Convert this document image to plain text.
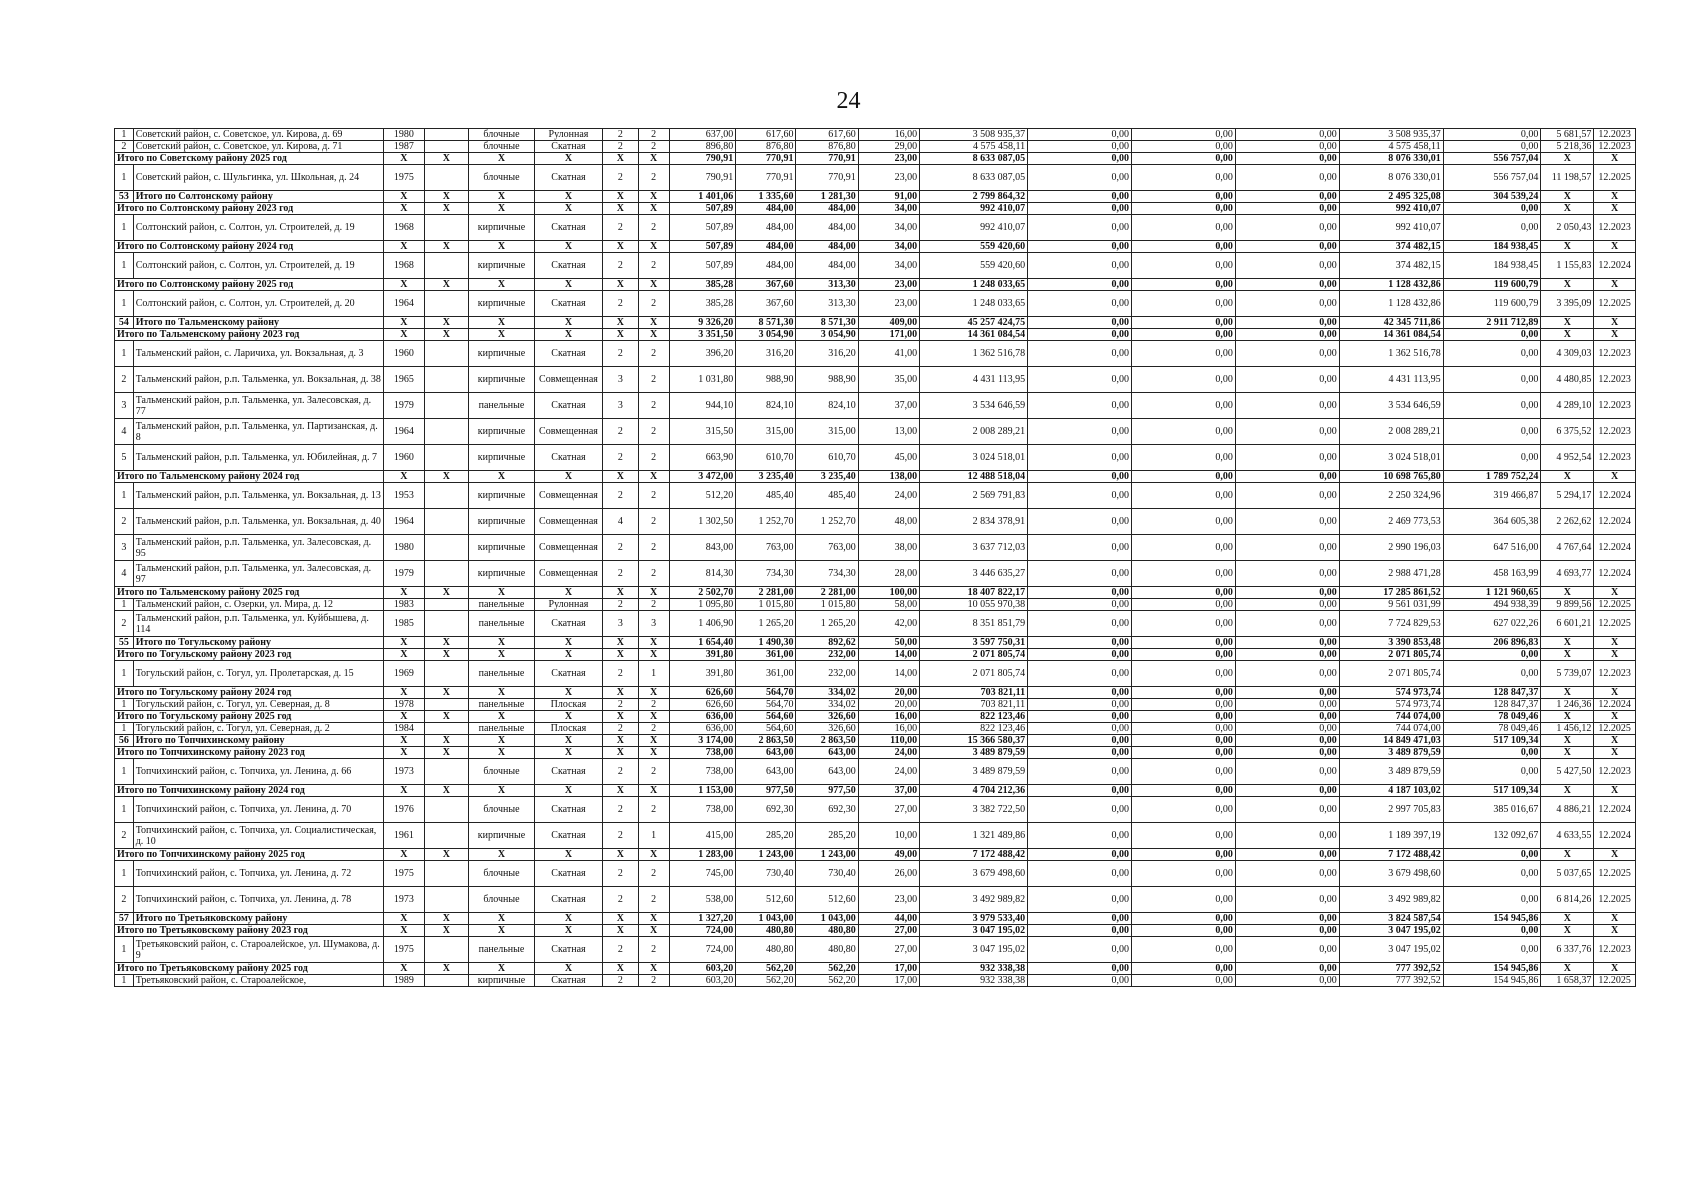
24
1	Советский район, с. Советское, ул. Кирова, д. 69	1980		блочные	Рулонная	2	2	637,00	617,60	617,60	16,00	3 508 935,37	0,00	0,00	0,00	3 508 935,37	0,00	5 681,57	12.2023
2	Советский район, с. Советское, ул. Кирова, д. 71	1987		блочные	Скатная	2	2	896,80	876,80	876,80	29,00	4 575 458,11	0,00	0,00	0,00	4 575 458,11	0,00	5 218,36	12.2023
Итого по Советскому району 2025 год		X	X	X	X	X	X	790,91	770,91	770,91	23,00	8 633 087,05	0,00	0,00	0,00	8 076 330,01	556 757,04	X	X
1	Советский район, с. Шульгинка, ул. Школьная, д. 24	1975		блочные	Скатная	2	2	790,91	770,91	770,91	23,00	8 633 087,05	0,00	0,00	0,00	8 076 330,01	556 757,04	11 198,57	12.2025
53	Итого по Солтонскому району	X	X	X	X	X	X	1 401,06	1 335,60	1 281,30	91,00	2 799 864,32	0,00	0,00	0,00	2 495 325,08	304 539,24	X	X
Итого по Солтонскому району 2023 год		X	X	X	X	X	X	507,89	484,00	484,00	34,00	992 410,07	0,00	0,00	0,00	992 410,07	0,00	X	X
1	Солтонский район, с. Солтон, ул. Строителей, д. 19	1968		кирпичные	Скатная	2	2	507,89	484,00	484,00	34,00	992 410,07	0,00	0,00	0,00	992 410,07	0,00	2 050,43	12.2023
Итого по Солтонскому району 2024 год		X	X	X	X	X	X	507,89	484,00	484,00	34,00	559 420,60	0,00	0,00	0,00	374 482,15	184 938,45	X	X
1	Солтонский район, с. Солтон, ул. Строителей, д. 19	1968		кирпичные	Скатная	2	2	507,89	484,00	484,00	34,00	559 420,60	0,00	0,00	0,00	374 482,15	184 938,45	1 155,83	12.2024
Итого по Солтонскому району 2025 год		X	X	X	X	X	X	385,28	367,60	313,30	23,00	1 248 033,65	0,00	0,00	0,00	1 128 432,86	119 600,79	X	X
1	Солтонский район, с. Солтон, ул. Строителей, д. 20	1964		кирпичные	Скатная	2	2	385,28	367,60	313,30	23,00	1 248 033,65	0,00	0,00	0,00	1 128 432,86	119 600,79	3 395,09	12.2025
54	Итого по Тальменскому району	X	X	X	X	X	X	9 326,20	8 571,30	8 571,30	409,00	45 257 424,75	0,00	0,00	0,00	42 345 711,86	2 911 712,89	X	X
Итого по Тальменскому району 2023 год		X	X	X	X	X	X	3 351,50	3 054,90	3 054,90	171,00	14 361 084,54	0,00	0,00	0,00	14 361 084,54	0,00	X	X
1	Тальменский район, с. Ларичиха, ул. Вокзальная, д. 3	1960		кирпичные	Скатная	2	2	396,20	316,20	316,20	41,00	1 362 516,78	0,00	0,00	0,00	1 362 516,78	0,00	4 309,03	12.2023
2	Тальменский район, р.п. Тальменка, ул. Вокзальная, д. 38	1965		кирпичные	Совмещенная	3	2	1 031,80	988,90	988,90	35,00	4 431 113,95	0,00	0,00	0,00	4 431 113,95	0,00	4 480,85	12.2023
3	Тальменский район, р.п. Тальменка, ул. Залесовская, д. 77	1979		панельные	Скатная	3	2	944,10	824,10	824,10	37,00	3 534 646,59	0,00	0,00	0,00	3 534 646,59	0,00	4 289,10	12.2023
4	Тальменский район, р.п. Тальменка, ул. Партизанская, д. 8	1964		кирпичные	Совмещенная	2	2	315,50	315,00	315,00	13,00	2 008 289,21	0,00	0,00	0,00	2 008 289,21	0,00	6 375,52	12.2023
5	Тальменский район, р.п. Тальменка, ул. Юбилейная, д. 7	1960		кирпичные	Скатная	2	2	663,90	610,70	610,70	45,00	3 024 518,01	0,00	0,00	0,00	3 024 518,01	0,00	4 952,54	12.2023
Итого по Тальменскому району 2024 год		X	X	X	X	X	X	3 472,00	3 235,40	3 235,40	138,00	12 488 518,04	0,00	0,00	0,00	10 698 765,80	1 789 752,24	X	X
1	Тальменский район, р.п. Тальменка, ул. Вокзальная, д. 13	1953		кирпичные	Совмещенная	2	2	512,20	485,40	485,40	24,00	2 569 791,83	0,00	0,00	0,00	2 250 324,96	319 466,87	5 294,17	12.2024
2	Тальменский район, р.п. Тальменка, ул. Вокзальная, д. 40	1964		кирпичные	Совмещенная	4	2	1 302,50	1 252,70	1 252,70	48,00	2 834 378,91	0,00	0,00	0,00	2 469 773,53	364 605,38	2 262,62	12.2024
3	Тальменский район, р.п. Тальменка, ул. Залесовская, д. 95	1980		кирпичные	Совмещенная	2	2	843,00	763,00	763,00	38,00	3 637 712,03	0,00	0,00	0,00	2 990 196,03	647 516,00	4 767,64	12.2024
4	Тальменский район, р.п. Тальменка, ул. Залесовская, д. 97	1979		кирпичные	Совмещенная	2	2	814,30	734,30	734,30	28,00	3 446 635,27	0,00	0,00	0,00	2 988 471,28	458 163,99	4 693,77	12.2024
Итого по Тальменскому району 2025 год		X	X	X	X	X	X	2 502,70	2 281,00	2 281,00	100,00	18 407 822,17	0,00	0,00	0,00	17 285 861,52	1 121 960,65	X	X
1	Тальменский район, с. Озерки, ул. Мира, д. 12	1983		панельные	Рулонная	2	2	1 095,80	1 015,80	1 015,80	58,00	10 055 970,38	0,00	0,00	0,00	9 561 031,99	494 938,39	9 899,56	12.2025
2	Тальменский район, р.п. Тальменка, ул. Куйбышева, д. 114	1985		панельные	Скатная	3	3	1 406,90	1 265,20	1 265,20	42,00	8 351 851,79	0,00	0,00	0,00	7 724 829,53	627 022,26	6 601,21	12.2025
55	Итого по Тогульскому району	X	X	X	X	X	X	1 654,40	1 490,30	892,62	50,00	3 597 750,31	0,00	0,00	0,00	3 390 853,48	206 896,83	X	X
Итого по Тогульскому району 2023 год		X	X	X	X	X	X	391,80	361,00	232,00	14,00	2 071 805,74	0,00	0,00	0,00	2 071 805,74	0,00	X	X
1	Тогульский район, с. Тогул, ул. Пролетарская, д. 15	1969		панельные	Скатная	2	1	391,80	361,00	232,00	14,00	2 071 805,74	0,00	0,00	0,00	2 071 805,74	0,00	5 739,07	12.2023
Итого по Тогульскому району 2024 год		X	X	X	X	X	X	626,60	564,70	334,02	20,00	703 821,11	0,00	0,00	0,00	574 973,74	128 847,37	X	X
1	Тогульский район, с. Тогул, ул. Северная, д. 8	1978		панельные	Плоская	2	2	626,60	564,70	334,02	20,00	703 821,11	0,00	0,00	0,00	574 973,74	128 847,37	1 246,36	12.2024
Итого по Тогульскому району 2025 год		X	X	X	X	X	X	636,00	564,60	326,60	16,00	822 123,46	0,00	0,00	0,00	744 074,00	78 049,46	X	X
1	Тогульский район, с. Тогул, ул. Северная, д. 2	1984		панельные	Плоская	2	2	636,00	564,60	326,60	16,00	822 123,46	0,00	0,00	0,00	744 074,00	78 049,46	1 456,12	12.2025
56	Итого по Топчихинскому району	X	X	X	X	X	X	3 174,00	2 863,50	2 863,50	110,00	15 366 580,37	0,00	0,00	0,00	14 849 471,03	517 109,34	X	X
Итого по Топчихинскому району 2023 год		X	X	X	X	X	X	738,00	643,00	643,00	24,00	3 489 879,59	0,00	0,00	0,00	3 489 879,59	0,00	X	X
1	Топчихинский район, с. Топчиха, ул. Ленина, д. 66	1973		блочные	Скатная	2	2	738,00	643,00	643,00	24,00	3 489 879,59	0,00	0,00	0,00	3 489 879,59	0,00	5 427,50	12.2023
Итого по Топчихинскому району 2024 год		X	X	X	X	X	X	1 153,00	977,50	977,50	37,00	4 704 212,36	0,00	0,00	0,00	4 187 103,02	517 109,34	X	X
1	Топчихинский район, с. Топчиха, ул. Ленина, д. 70	1976		блочные	Скатная	2	2	738,00	692,30	692,30	27,00	3 382 722,50	0,00	0,00	0,00	2 997 705,83	385 016,67	4 886,21	12.2024
2	Топчихинский район, с. Топчиха, ул. Социалистическая, д. 10	1961		кирпичные	Скатная	2	1	415,00	285,20	285,20	10,00	1 321 489,86	0,00	0,00	0,00	1 189 397,19	132 092,67	4 633,55	12.2024
Итого по Топчихинскому району 2025 год		X	X	X	X	X	X	1 283,00	1 243,00	1 243,00	49,00	7 172 488,42	0,00	0,00	0,00	7 172 488,42	0,00	X	X
1	Топчихинский район, с. Топчиха, ул. Ленина, д. 72	1975		блочные	Скатная	2	2	745,00	730,40	730,40	26,00	3 679 498,60	0,00	0,00	0,00	3 679 498,60	0,00	5 037,65	12.2025
2	Топчихинский район, с. Топчиха, ул. Ленина, д. 78	1973		блочные	Скатная	2	2	538,00	512,60	512,60	23,00	3 492 989,82	0,00	0,00	0,00	3 492 989,82	0,00	6 814,26	12.2025
57	Итого по Третьяковскому району	X	X	X	X	X	X	1 327,20	1 043,00	1 043,00	44,00	3 979 533,40	0,00	0,00	0,00	3 824 587,54	154 945,86	X	X
Итого по Третьяковскому району 2023 год		X	X	X	X	X	X	724,00	480,80	480,80	27,00	3 047 195,02	0,00	0,00	0,00	3 047 195,02	0,00	X	X
1	Третьяковский район, с. Староалейское, ул. Шумакова, д. 9	1975		панельные	Скатная	2	2	724,00	480,80	480,80	27,00	3 047 195,02	0,00	0,00	0,00	3 047 195,02	0,00	6 337,76	12.2023
Итого по Третьяковскому району 2025 год		X	X	X	X	X	X	603,20	562,20	562,20	17,00	932 338,38	0,00	0,00	0,00	777 392,52	154 945,86	X	X
1	Третьяковский район, с. Староалейское,	1989		кирпичные	Скатная	2	2	603,20	562,20	562,20	17,00	932 338,38	0,00	0,00	0,00	777 392,52	154 945,86	1 658,37	12.2025
